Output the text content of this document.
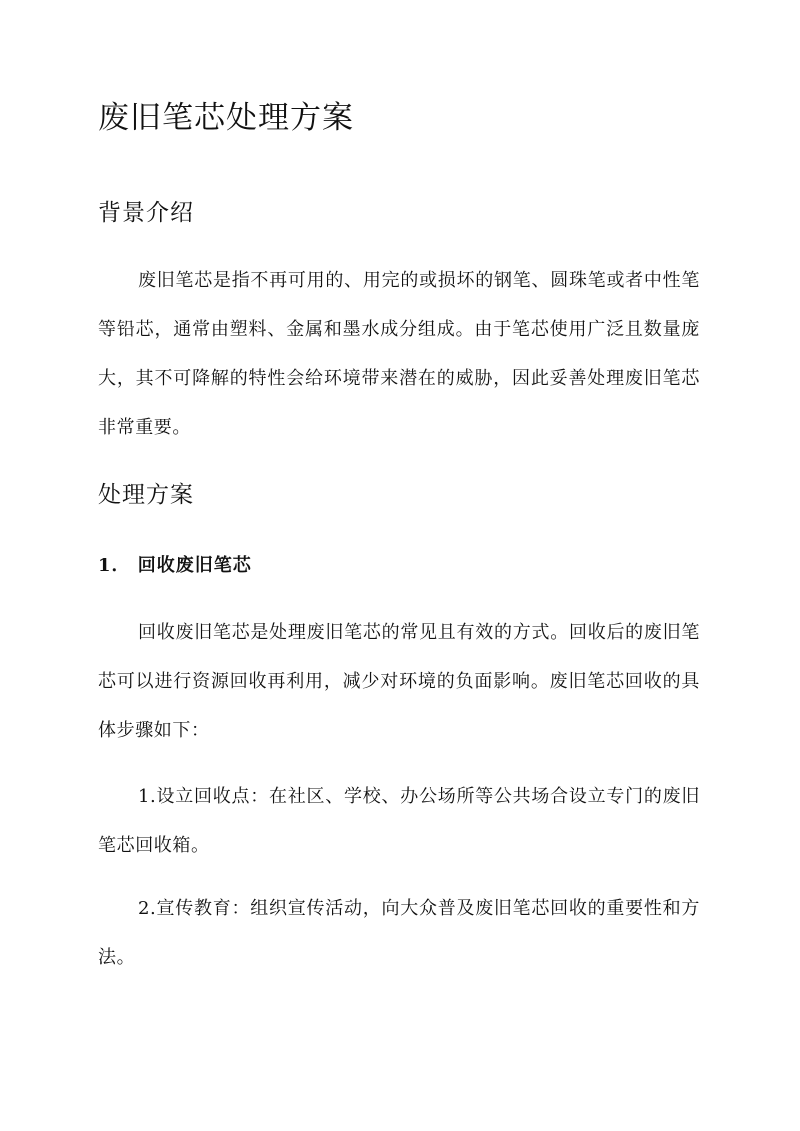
废旧笔芯处理方案
背景介绍

废旧笔芯是指不再可用的、用完的或损坏的钢笔、圆珠笔或者中性笔等铅芯，通常由塑料、金属和墨水成分组成。由于笔芯使用广泛且数量庞大，其不可降解的特性会给环境带来潜在的威胁，因此妥善处理废旧笔芯非常重要。

处理方案
1． 回收废旧笔芯

回收废旧笔芯是处理废旧笔芯的常见且有效的方式。回收后的废旧笔芯可以进行资源回收再利用，减少对环境的负面影响。废旧笔芯回收的具体步骤如下：

1.设立回收点：在社区、学校、办公场所等公共场合设立专门的废旧笔芯回收箱。

2.宣传教育：组织宣传活动，向大众普及废旧笔芯回收的重要性和方法。
